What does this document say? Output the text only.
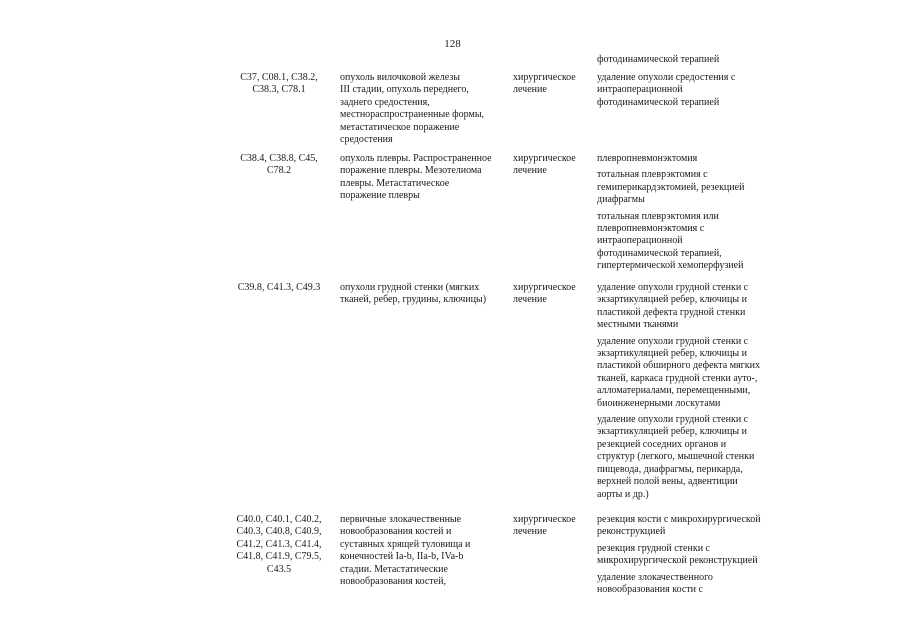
128
фотодинамической терапией
C37, C08.1, C38.2,
C38.3, C78.1
опухоль вилочковой железы
III стадии, опухоль переднего,
заднего средостения,
местнораспространенные формы,
метастатическое поражение
средостения
хирургическое
лечение
удаление опухоли средостения с
интраоперационной
фотодинамической терапией
C38.4, C38.8, C45,
C78.2
опухоль плевры. Распространенное
поражение плевры. Мезотелиома
плевры. Метастатическое
поражение плевры
хирургическое
лечение
плевропневмонэктомия
тотальная плеврэктомия с
гемиперикардэктомией, резекцией
диафрагмы
тотальная плеврэктомия или
плевропневмонэктомия с
интраоперационной
фотодинамической терапией,
гипертермической хемоперфузией
C39.8, C41.3, C49.3	опухоли грудной стенки (мягких
тканей, ребер, грудины, ключицы)
хирургическое
лечение
удаление опухоли грудной стенки с
экзартикуляцией ребер, ключицы и
пластикой дефекта грудной стенки
местными тканями
удаление опухоли грудной стенки с
экзартикуляцией ребер, ключицы и
пластикой обширного дефекта мягких
тканей, каркаса грудной стенки ауто-,
алломатериалами, перемещенными,
биоинженерными лоскутами
удаление опухоли грудной стенки с
экзартикуляцией ребер, ключицы и
резекцией соседних органов и
структур (легкого, мышечной стенки
пищевода, диафрагмы, перикарда,
верхней полой вены, адвентиции
аорты и др.)
C40.0, C40.1, C40.2,
C40.3, C40.8, C40.9,
C41.2, C41.3, C41.4,
C41.8, C41.9, C79.5,
C43.5
первичные злокачественные
новообразования костей и
суставных хрящей туловища и
конечностей Ia-b, IIa-b, IVa-b
стадии. Метастатические
новообразования костей,
хирургическое
лечение
резекция кости с микрохирургической
реконструкцией
резекция грудной стенки с
микрохирургической реконструкцией
удаление злокачественного
новообразования кости с
